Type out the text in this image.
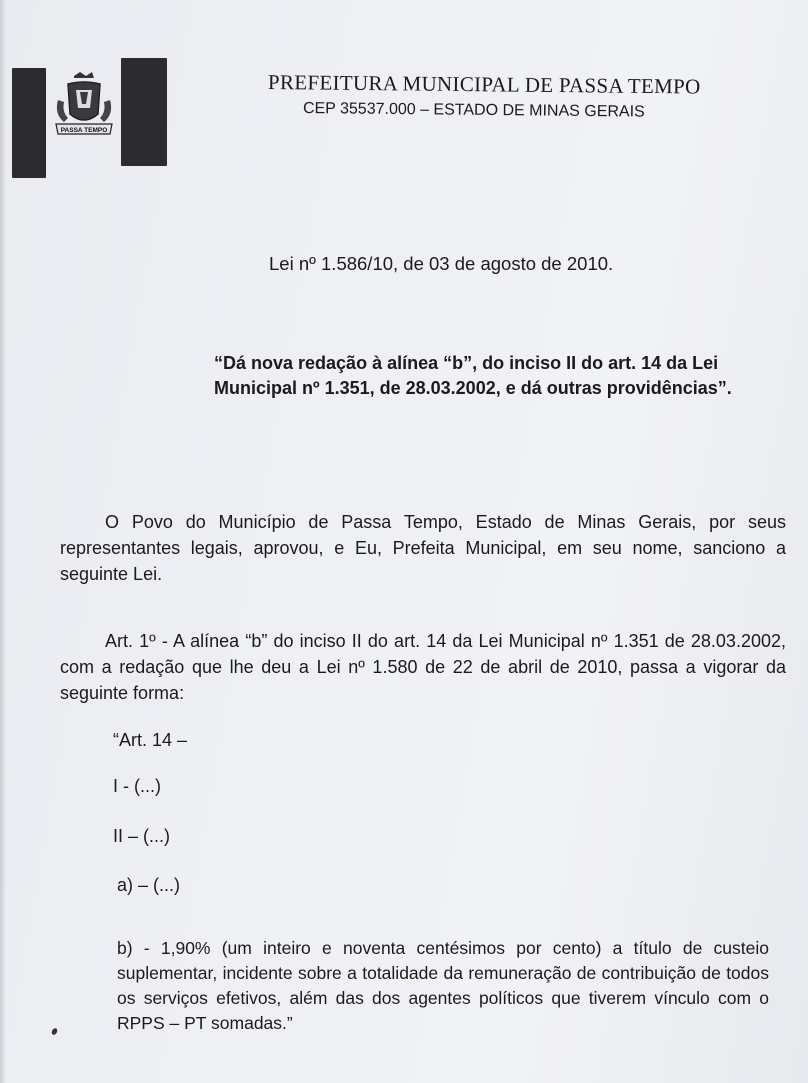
PASSA TEMPO
PREFEITURA MUNICIPAL DE PASSA TEMPO
CEP 35537.000 – ESTADO DE MINAS GERAIS
Lei nº 1.586/10, de 03 de agosto de 2010.
“Dá nova redação à alínea “b”, do inciso II do art. 14 da Lei Municipal nº 1.351, de 28.03.2002, e dá outras providências”.
O Povo do Município de Passa Tempo, Estado de Minas Gerais, por seus representantes legais, aprovou, e Eu, Prefeita Municipal, em seu nome, sanciono a seguinte Lei.
Art. 1º - A alínea “b” do inciso II do art. 14 da Lei Municipal nº 1.351 de 28.03.2002, com a redação que lhe deu a Lei nº 1.580 de 22 de abril de 2010, passa a vigorar da seguinte forma:
“Art. 14 –
I - (...)
II – (...)
a) – (...)
b) - 1,90% (um inteiro e noventa centésimos por cento) a título de custeio suplementar, incidente sobre a totalidade da remuneração de contribuição de todos os serviços efetivos, além das dos agentes políticos que tiverem vínculo com o RPPS – PT somadas.”
